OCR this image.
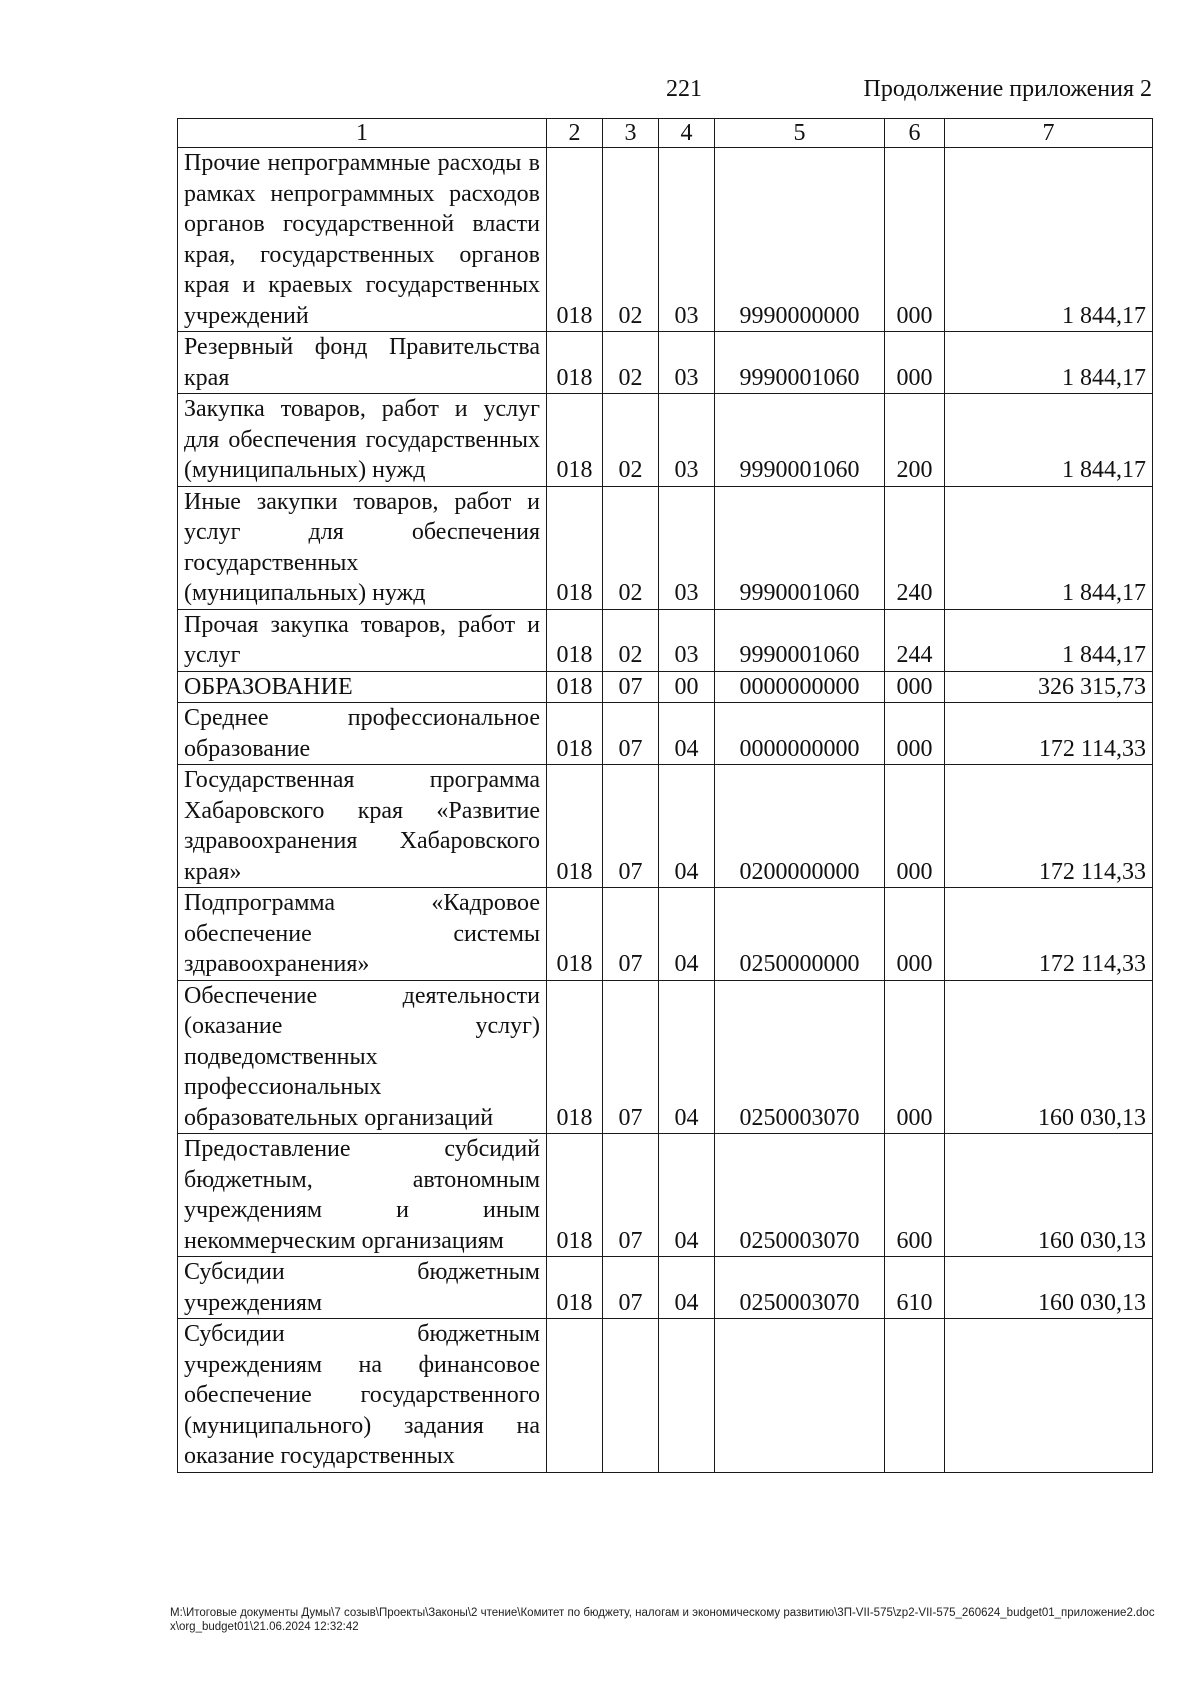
221	Продолжение приложения 2
1	2	3	4	5	6	7
Прочие непрограммные расходы в рамках непрограммных расходов органов государственной власти края, государственных органов края и краевых государственных учреждений	018	02	03	9990000000	000	1 844,17
Резервный фонд Правительства края	018	02	03	9990001060	000	1 844,17
Закупка товаров, работ и услуг для обеспечения государственных (муниципальных) нужд	018	02	03	9990001060	200	1 844,17
Иные закупки товаров, работ и услуг для обеспечения государственных (муниципальных) нужд	018	02	03	9990001060	240	1 844,17
Прочая закупка товаров, работ и услуг	018	02	03	9990001060	244	1 844,17
ОБРАЗОВАНИЕ	018	07	00	0000000000	000	326 315,73
Среднее профессиональное образование	018	07	04	0000000000	000	172 114,33
Государственная программа Хабаровского края «Развитие здравоохранения Хабаровского края»	018	07	04	0200000000	000	172 114,33
Подпрограмма «Кадровое обеспечение системы здравоохранения»	018	07	04	0250000000	000	172 114,33
Обеспечение деятельности (оказание услуг) подведомственных профессиональных образовательных организаций	018	07	04	0250003070	000	160 030,13
Предоставление субсидий бюджетным, автономным учреждениям и иным некоммерческим организациям	018	07	04	0250003070	600	160 030,13
Субсидии бюджетным учреждениям	018	07	04	0250003070	610	160 030,13
Субсидии бюджетным учреждениям на финансовое обеспечение государственного (муниципального) задания на оказание государственных						
M:\Итоговые документы Думы\7 созыв\Проекты\Законы\2 чтение\Комитет по бюджету, налогам и экономическому развитию\3П-VII-575\zp2-VII-575_260624_budget01_приложение2.docx\org_budget01\21.06.2024 12:32:42
